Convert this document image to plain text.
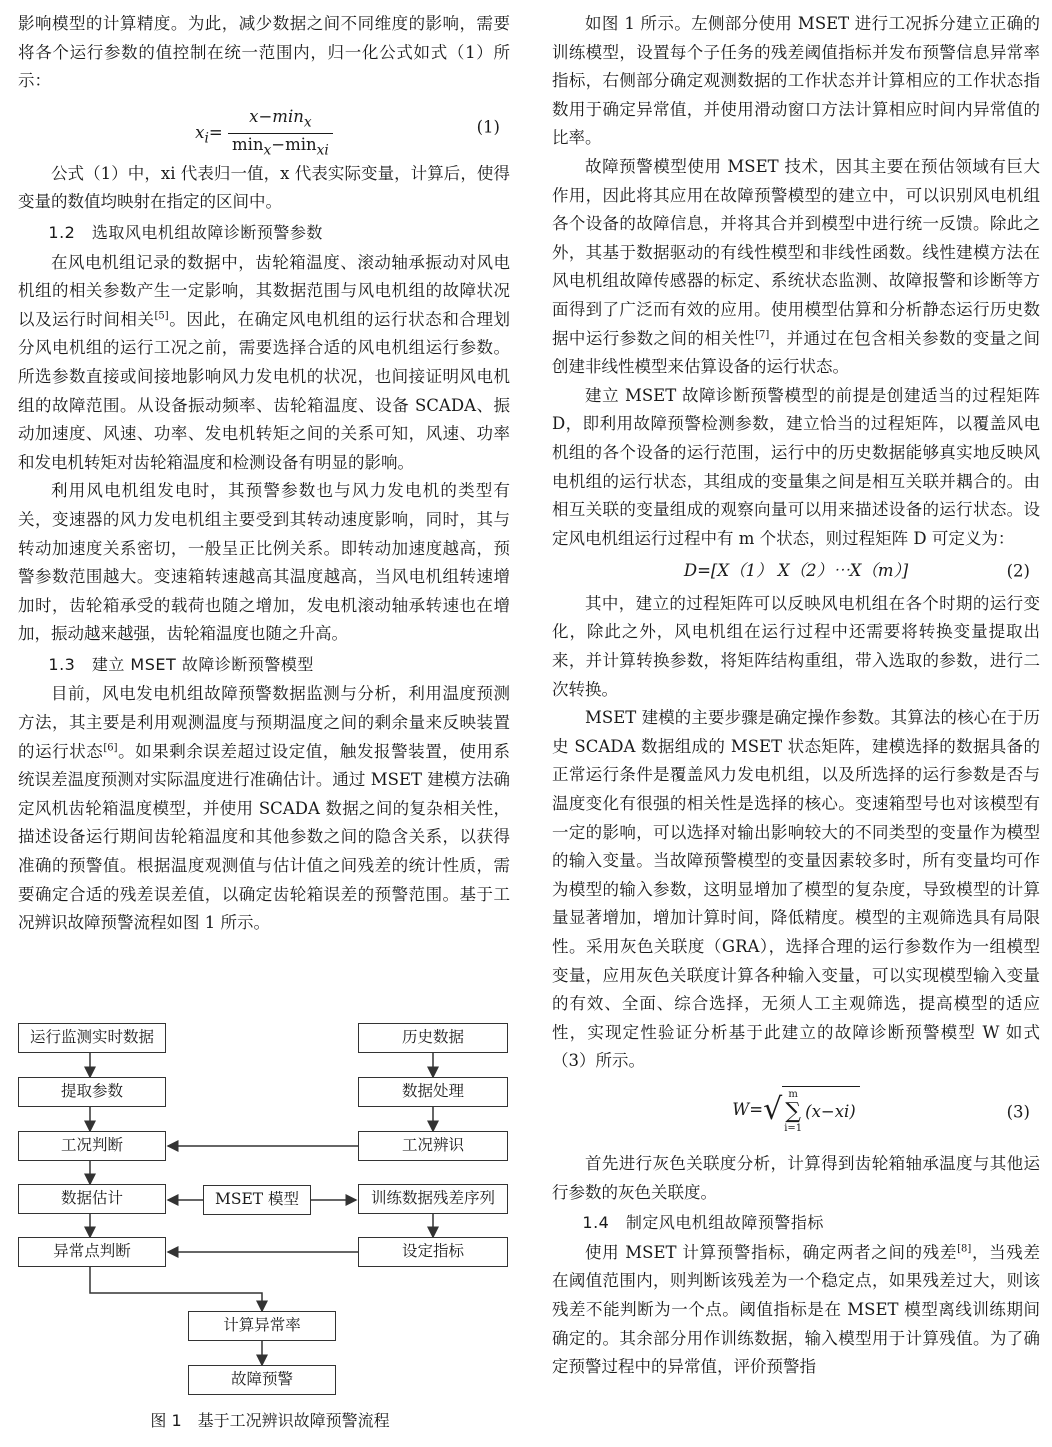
影响模型的计算精度。为此，减少数据之间不同维度的影响，需要将各个运行参数的值控制在统一范围内，归一化公式如式（1）所示：

$x_i= \frac{x-\min_x}{\min_x-\min_{xi}}$	(1)

公式（1）中，xi 代表归一值，x 代表实际变量，计算后，使得变量的数值均映射在指定的区间中。

1.2　选取风电机组故障诊断预警参数

在风电机组记录的数据中，齿轮箱温度、滚动轴承振动对风电机组的相关参数产生一定影响，其数据范围与风电机组的故障状况以及运行时间相关[5]。因此，在确定风电机组的运行状态和合理划分风电机组的运行工况之前，需要选择合适的风电机组运行参数。所选参数直接或间接地影响风力发电机的状况，也间接证明风电机组的故障范围。从设备振动频率、齿轮箱温度、设备 SCADA、振动加速度、风速、功率、发电机转矩之间的关系可知，风速、功率和发电机转矩对齿轮箱温度和检测设备有明显的影响。

利用风电机组发电时，其预警参数也与风力发电机的类型有关，变速器的风力发电机组主要受到其转动速度影响，同时，其与转动加速度关系密切，一般呈正比例关系。即转动加速度越高，预警参数范围越大。变速箱转速越高其温度越高，当风电机组转速增加时，齿轮箱承受的载荷也随之增加，发电机滚动轴承转速也在增加，振动越来越强，齿轮箱温度也随之升高。

1.3　建立 MSET 故障诊断预警模型

目前，风电发电机组故障预警数据监测与分析，利用温度预测方法，其主要是利用观测温度与预期温度之间的剩余量来反映装置的运行状态[6]。如果剩余误差超过设定值，触发报警装置，使用系统误差温度预测对实际温度进行准确估计。通过 MSET 建模方法确定风机齿轮箱温度模型，并使用 SCADA 数据之间的复杂相关性，描述设备运行期间齿轮箱温度和其他参数之间的隐含关系，以获得准确的预警值。根据温度观测值与估计值之间残差的统计性质，需要确定合适的残差误差值，以确定齿轮箱误差的预警范围。基于工况辨识故障预警流程如图 1 所示。

运行监测实时数据
提取参数
工况判断
数据估计
异常点判断
历史数据
数据处理
工况辨识
训练数据残差序列
设定指标
MSET 模型
计算异常率
故障预警
图 1　基于工况辨识故障预警流程

如图 1 所示。左侧部分使用 MSET 进行工况拆分建立正确的训练模型，设置每个子任务的残差阈值指标并发布预警信息异常率指标，右侧部分确定观测数据的工作状态并计算相应的工作状态指数用于确定异常值，并使用滑动窗口方法计算相应时间内异常值的比率。

故障预警模型使用 MSET 技术，因其主要在预估领域有巨大作用，因此将其应用在故障预警模型的建立中，可以识别风电机组各个设备的故障信息，并将其合并到模型中进行统一反馈。除此之外，其基于数据驱动的有线性模型和非线性函数。线性建模方法在风电机组故障传感器的标定、系统状态监测、故障报警和诊断等方面得到了广泛而有效的应用。使用模型估算和分析静态运行历史数据中运行参数之间的相关性[7]，并通过在包含相关参数的变量之间创建非线性模型来估算设备的运行状态。

建立 MSET 故障诊断预警模型的前提是创建适当的过程矩阵 D，即利用故障预警检测参数，建立恰当的过程矩阵，以覆盖风电机组的各个设备的运行范围，运行中的历史数据能够真实地反映风电机组的运行状态，其组成的变量集之间是相互关联并耦合的。由相互关联的变量组成的观察向量可以用来描述设备的运行状态。设定风电机组运行过程中有 m 个状态，则过程矩阵 D 可定义为：

D=[X（1） X（2）⋯X（m）]	(2)

其中，建立的过程矩阵可以反映风电机组在各个时期的运行变化，除此之外，风电机组在运行过程中还需要将转换变量提取出来，并计算转换参数，将矩阵结构重组，带入选取的参数，进行二次转换。

MSET 建模的主要步骤是确定操作参数。其算法的核心在于历史 SCADA 数据组成的 MSET 状态矩阵，建模选择的数据具备的正常运行条件是覆盖风力发电机组，以及所选择的运行参数是否与温度变化有很强的相关性是选择的核心。变速箱型号也对该模型有一定的影响，可以选择对输出影响较大的不同类型的变量作为模型的输入变量。当故障预警模型的变量因素较多时，所有变量均可作为模型的输入参数，这明显增加了模型的复杂度，导致模型的计算量显著增加，增加计算时间，降低精度。模型的主观筛选具有局限性。采用灰色关联度（GRA），选择合理的运行参数作为一组模型变量，应用灰色关联度计算各种输入变量，可以实现模型输入变量的有效、全面、综合选择，无须人工主观筛选，提高模型的适应性，实现定性验证分析基于此建立的故障诊断预警模型 W 如式（3）所示。

W= √ m
∑
i=1
(x−xi)	(3)

首先进行灰色关联度分析，计算得到齿轮箱轴承温度与其他运行参数的灰色关联度。

1.4　制定风电机组故障预警指标

使用 MSET 计算预警指标，确定两者之间的残差[8]，当残差在阈值范围内，则判断该残差为一个稳定点，如果残差过大，则该残差不能判断为一个点。阈值指标是在 MSET 模型离线训练期间确定的。其余部分用作训练数据，输入模型用于计算残值。为了确定预警过程中的异常值，评价预警指
